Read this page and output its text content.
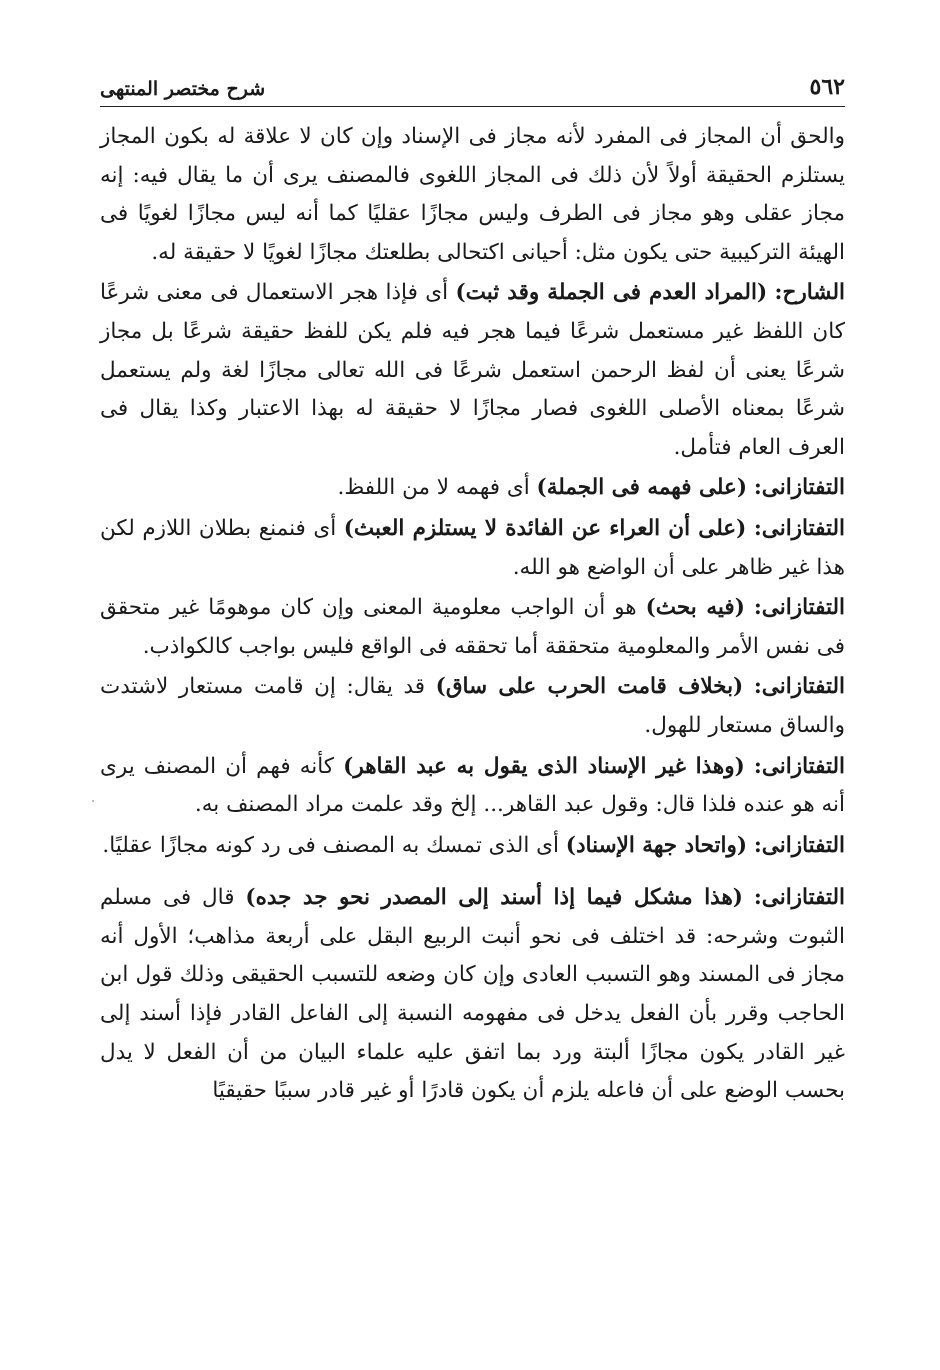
٥٦٢
شرح مختصر المنتهى

والحق أن المجاز فى المفرد لأنه مجاز فى الإسناد وإن كان لا علاقة له بكون المجاز يستلزم الحقيقة أولاً لأن ذلك فى المجاز اللغوى فالمصنف يرى أن ما يقال فيه: إنه مجاز عقلى وهو مجاز فى الطرف وليس مجازًا عقليًا كما أنه ليس مجازًا لغويًا فى الهيئة التركيبية حتى يكون مثل: أحيانى اكتحالى بطلعتك مجازًا لغويًا لا حقيقة له.

الشارح: (المراد العدم فى الجملة وقد ثبت) أى فإذا هجر الاستعمال فى معنى شرعًا كان اللفظ غير مستعمل شرعًا فيما هجر فيه فلم يكن للفظ حقيقة شرعًا بل مجاز شرعًا يعنى أن لفظ الرحمن استعمل شرعًا فى الله تعالى مجازًا لغة ولم يستعمل شرعًا بمعناه الأصلى اللغوى فصار مجازًا لا حقيقة له بهذا الاعتبار وكذا يقال فى العرف العام فتأمل.

التفتازانى: (على فهمه فى الجملة) أى فهمه لا من اللفظ.

التفتازانى: (على أن العراء عن الفائدة لا يستلزم العبث) أى فنمنع بطلان اللازم لكن هذا غير ظاهر على أن الواضع هو الله.

التفتازانى: (فيه بحث) هو أن الواجب معلومية المعنى وإن كان موهومًا غير متحقق فى نفس الأمر والمعلومية متحققة أما تحققه فى الواقع فليس بواجب كالكواذب.

التفتازانى: (بخلاف قامت الحرب على ساق) قد يقال: إن قامت مستعار لاشتدت والساق مستعار للهول.

التفتازانى: (وهذا غير الإسناد الذى يقول به عبد القاهر) كأنه فهم أن المصنف يرى أنه هو عنده فلذا قال: وقول عبد القاهر... إلخ وقد علمت مراد المصنف به.

التفتازانى: (واتحاد جهة الإسناد) أى الذى تمسك به المصنف فى رد كونه مجازًا عقليًا.

التفتازانى: (هذا مشكل فيما إذا أسند إلى المصدر نحو جد جده) قال فى مسلم الثبوت وشرحه: قد اختلف فى نحو أنبت الربيع البقل على أربعة مذاهب؛ الأول أنه مجاز فى المسند وهو التسبب العادى وإن كان وضعه للتسبب الحقيقى وذلك قول ابن الحاجب وقرر بأن الفعل يدخل فى مفهومه النسبة إلى الفاعل القادر فإذا أسند إلى غير القادر يكون مجازًا ألبتة ورد بما اتفق عليه علماء البيان من أن الفعل لا يدل بحسب الوضع على أن فاعله يلزم أن يكون قادرًا أو غير قادر سببًا حقيقيًا
